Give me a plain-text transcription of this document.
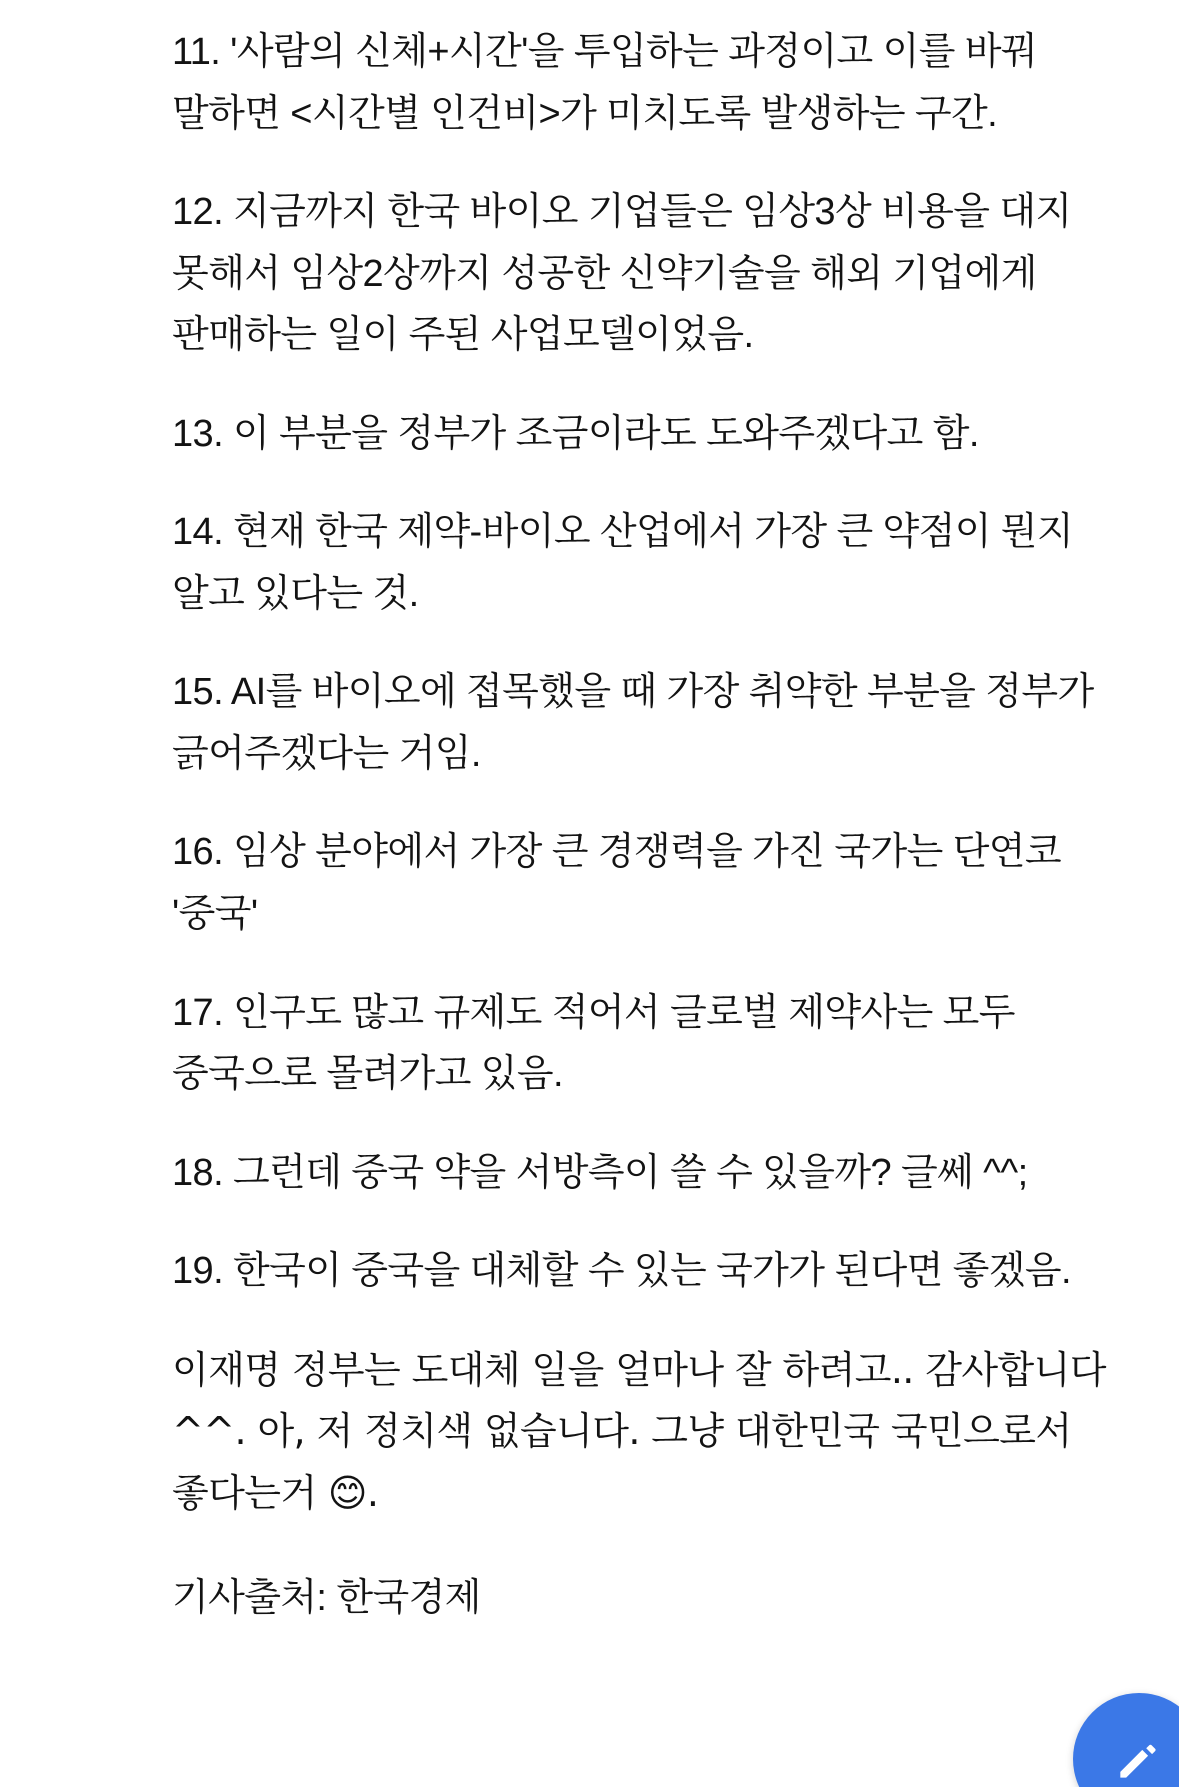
11. '사람의 신체+시간'을 투입하는 과정이고 이를 바꿔 말하면 <시간별 인건비>가 미치도록 발생하는 구간.

12. 지금까지 한국 바이오 기업들은 임상3상 비용을 대지 못해서 임상2상까지 성공한 신약기술을 해외 기업에게 판매하는 일이 주된 사업모델이었음.

13. 이 부분을 정부가 조금이라도 도와주겠다고 함.

14. 현재 한국 제약-바이오 산업에서 가장 큰 약점이 뭔지 알고 있다는 것.

15. AI를 바이오에 접목했을 때 가장 취약한 부분을 정부가 긁어주겠다는 거임.

16. 임상 분야에서 가장 큰 경쟁력을 가진 국가는 단연코 '중국'

17. 인구도 많고 규제도 적어서 글로벌 제약사는 모두 중국으로 몰려가고 있음.

18. 그런데 중국 약을 서방측이 쓸 수 있을까? 글쎄 ^^;

19. 한국이 중국을 대체할 수 있는 국가가 된다면 좋겠음.

이재명 정부는 도대체 일을 얼마나 잘 하려고.. 감사합니다 ^^. 아, 저 정치색 없습니다. 그냥 대한민국 국민으로서 좋다는거 😊.

기사출처: 한국경제
